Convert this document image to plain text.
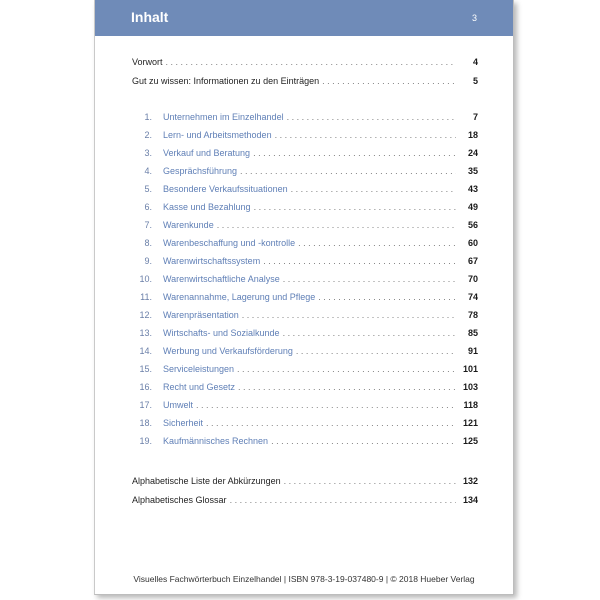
Inhalt	3
Vorwort . . .	4
Gut zu wissen: Informationen zu den Einträgen . . .	5
1. Unternehmen im Einzelhandel . . .	7
2. Lern- und Arbeitsmethoden . . .	18
3. Verkauf und Beratung . . .	24
4. Gesprächsführung . . .	35
5. Besondere Verkaufssituationen . . .	43
6. Kasse und Bezahlung . . .	49
7. Warenkunde . . .	56
8. Warenbeschaffung und -kontrolle . . .	60
9. Warenwirtschaftssystem . . .	67
10. Warenwirtschaftliche Analyse . . .	70
11. Warenannahme, Lagerung und Pflege . . .	74
12. Warenpräsentation . . .	78
13. Wirtschafts- und Sozialkunde . . .	85
14. Werbung und Verkaufsförderung . . .	91
15. Serviceleistungen . . .	101
16. Recht und Gesetz . . .	103
17. Umwelt . . .	118
18. Sicherheit . . .	121
19. Kaufmännisches Rechnen . . .	125
Alphabetische Liste der Abkürzungen . . .	132
Alphabetisches Glossar . . .	134
Visuelles Fachwörterbuch Einzelhandel | ISBN 978-3-19-037480-9 | © 2018 Hueber Verlag
